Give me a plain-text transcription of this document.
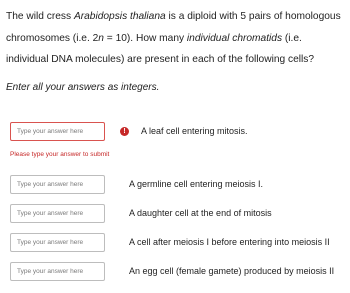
The wild cress Arabidopsis thaliana is a diploid with 5 pairs of homologous chromosomes (i.e. 2n = 10). How many individual chromatids (i.e. individual DNA molecules) are present in each of the following cells?

Enter all your answers as integers.

Type your answer here
!	A leaf cell entering mitosis.
Please type your answer to submit
Type your answer here
A germline cell entering meiosis I.
Type your answer here
A daughter cell at the end of mitosis
Type your answer here
A cell after meiosis I before entering into meiosis II
Type your answer here
An egg cell (female gamete) produced by meiosis II
